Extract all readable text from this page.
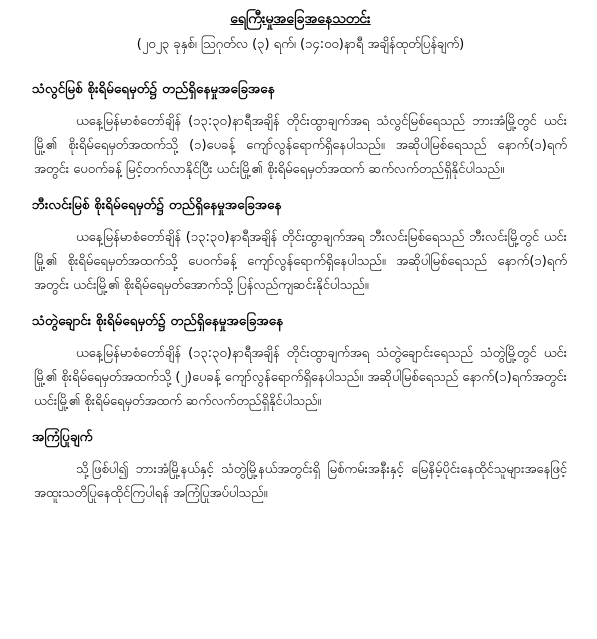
ရေကြီးမှုအခြေအနေသတင်း

(၂၀၂၃ ခုနှစ်၊ ဩဂုတ်လ (၃) ရက်၊ (၁၄:၀၀)နာရီ အချိန်ထုတ်ပြန်ချက်)

သံလွင်မြစ် စိုးရိမ်ရေမှတ်၌ တည်ရှိနေမှုအခြေအနေ

ယနေ့မြန်မာစံတော်ချိန် (၁၃:၃၀)နာရီအချိန် တိုင်းထွာချက်အရ သံလွင်မြစ်ရေသည် ဘားအံမြို့တွင် ယင်းမြို့၏ စိုးရိမ်ရေမှတ်အထက်သို့ (၁)ပေခန့် ကျော်လွန်ရောက်ရှိနေပါသည်။ အဆိုပါမြစ်ရေသည် နောက်(၁)ရက်အတွင်း ပေဝက်ခန့် မြင့်တက်လာနိုင်ပြီး ယင်းမြို့၏ စိုးရိမ်ရေမှတ်အထက် ဆက်လက်တည်ရှိနိုင်ပါသည်။

ဘီးလင်းမြစ် စိုးရိမ်ရေမှတ်၌ တည်ရှိနေမှုအခြေအနေ

ယနေ့မြန်မာစံတော်ချိန် (၁၃:၃၀)နာရီအချိန် တိုင်းထွာချက်အရ ဘီးလင်းမြစ်ရေသည် ဘီးလင်းမြို့တွင် ယင်းမြို့၏ စိုးရိမ်ရေမှတ်အထက်သို့ ပေဝက်ခန့် ကျော်လွန်ရောက်ရှိနေပါသည်။ အဆိုပါမြစ်ရေသည် နောက်(၁)ရက်အတွင်း ယင်းမြို့၏ စိုးရိမ်ရေမှတ်အောက်သို့ ပြန်လည်ကျဆင်းနိုင်ပါသည်။

သံတွဲချောင်း စိုးရိမ်ရေမှတ်၌ တည်ရှိနေမှုအခြေအနေ

ယနေ့မြန်မာစံတော်ချိန် (၁၃:၃၀)နာရီအချိန် တိုင်းထွာချက်အရ သံတွဲချောင်းရေသည် သံတွဲမြို့တွင် ယင်းမြို့၏ စိုးရိမ်ရေမှတ်အထက်သို့ (၂)ပေခန့် ကျော်လွန်ရောက်ရှိနေပါသည်။ အဆိုပါမြစ်ရေသည် နောက်(၁)ရက်အတွင်း ယင်းမြို့၏ စိုးရိမ်ရေမှတ်အထက် ဆက်လက်တည်ရှိနိုင်ပါသည်။

အကြံပြုချက်

သို့ဖြစ်ပါ၍ ဘားအံမြို့နယ်နှင့် သံတွဲမြို့နယ်အတွင်းရှိ မြစ်ကမ်းအနီးနှင့် မြေနိမ့်ပိုင်းနေထိုင်သူများအနေဖြင့် အထူးသတိပြုနေထိုင်ကြပါရန် အကြံပြုအပ်ပါသည်။
